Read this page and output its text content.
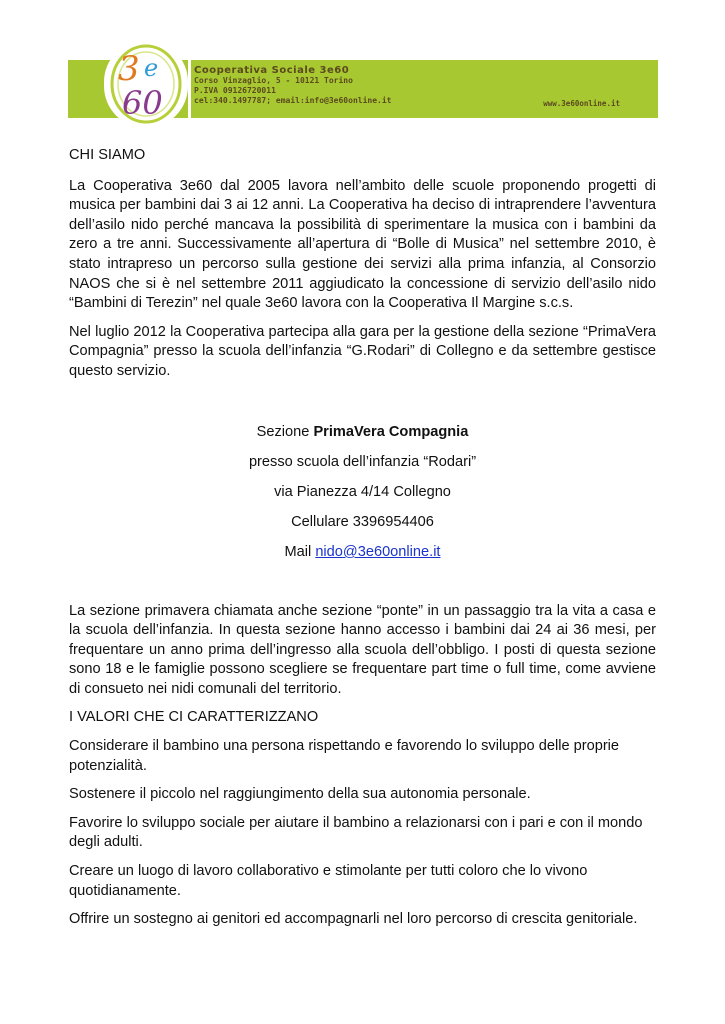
Cooperativa Sociale 3e60
Corso Vinzaglio, 5 - 10121 Torino
P.IVA 09126720011
cel:340.1497787; email:info@3e60online.it	www.3e60online.it
3 e
60

CHI SIAMO

La Cooperativa 3e60 dal 2005 lavora nell’ambito delle scuole proponendo progetti di musica per bambini dai 3 ai 12 anni. La Cooperativa ha deciso di intraprendere l’avventura dell’asilo nido perché mancava la possibilità di sperimentare la musica con i bambini da zero a tre anni. Successivamente all’apertura di “Bolle di Musica” nel settembre 2010, è stato intrapreso un percorso sulla gestione dei servizi alla prima infanzia, al Consorzio NAOS che si è nel settembre 2011 aggiudicato la concessione di servizio dell’asilo nido “Bambini di Terezin” nel quale 3e60 lavora con la Cooperativa Il Margine s.c.s.

Nel luglio 2012 la Cooperativa partecipa alla gara per la gestione della sezione “PrimaVera Compagnia” presso la scuola dell’infanzia “G.Rodari” di Collegno e da settembre gestisce questo servizio.

Sezione PrimaVera Compagnia

presso scuola dell’infanzia “Rodari”

via Pianezza 4/14 Collegno

Cellulare 3396954406

Mail nido@3e60online.it

La sezione primavera chiamata anche sezione “ponte” in un passaggio tra la vita a casa e la scuola dell’infanzia. In questa sezione hanno accesso i bambini dai 24 ai 36 mesi, per frequentare un anno prima dell’ingresso alla scuola dell’obbligo. I posti di questa sezione sono 18 e le famiglie possono scegliere se frequentare part time o full time, come avviene di consueto nei nidi comunali del territorio.

I VALORI CHE CI CARATTERIZZANO

Considerare il bambino una persona rispettando e favorendo lo sviluppo delle proprie potenzialità.

Sostenere il piccolo nel raggiungimento della sua autonomia personale.

Favorire lo sviluppo sociale per aiutare il bambino a relazionarsi con i pari e con il mondo degli adulti.

Creare un luogo di lavoro collaborativo e stimolante per tutti coloro che lo vivono quotidianamente.

Offrire un sostegno ai genitori ed accompagnarli nel loro percorso di crescita genitoriale.
